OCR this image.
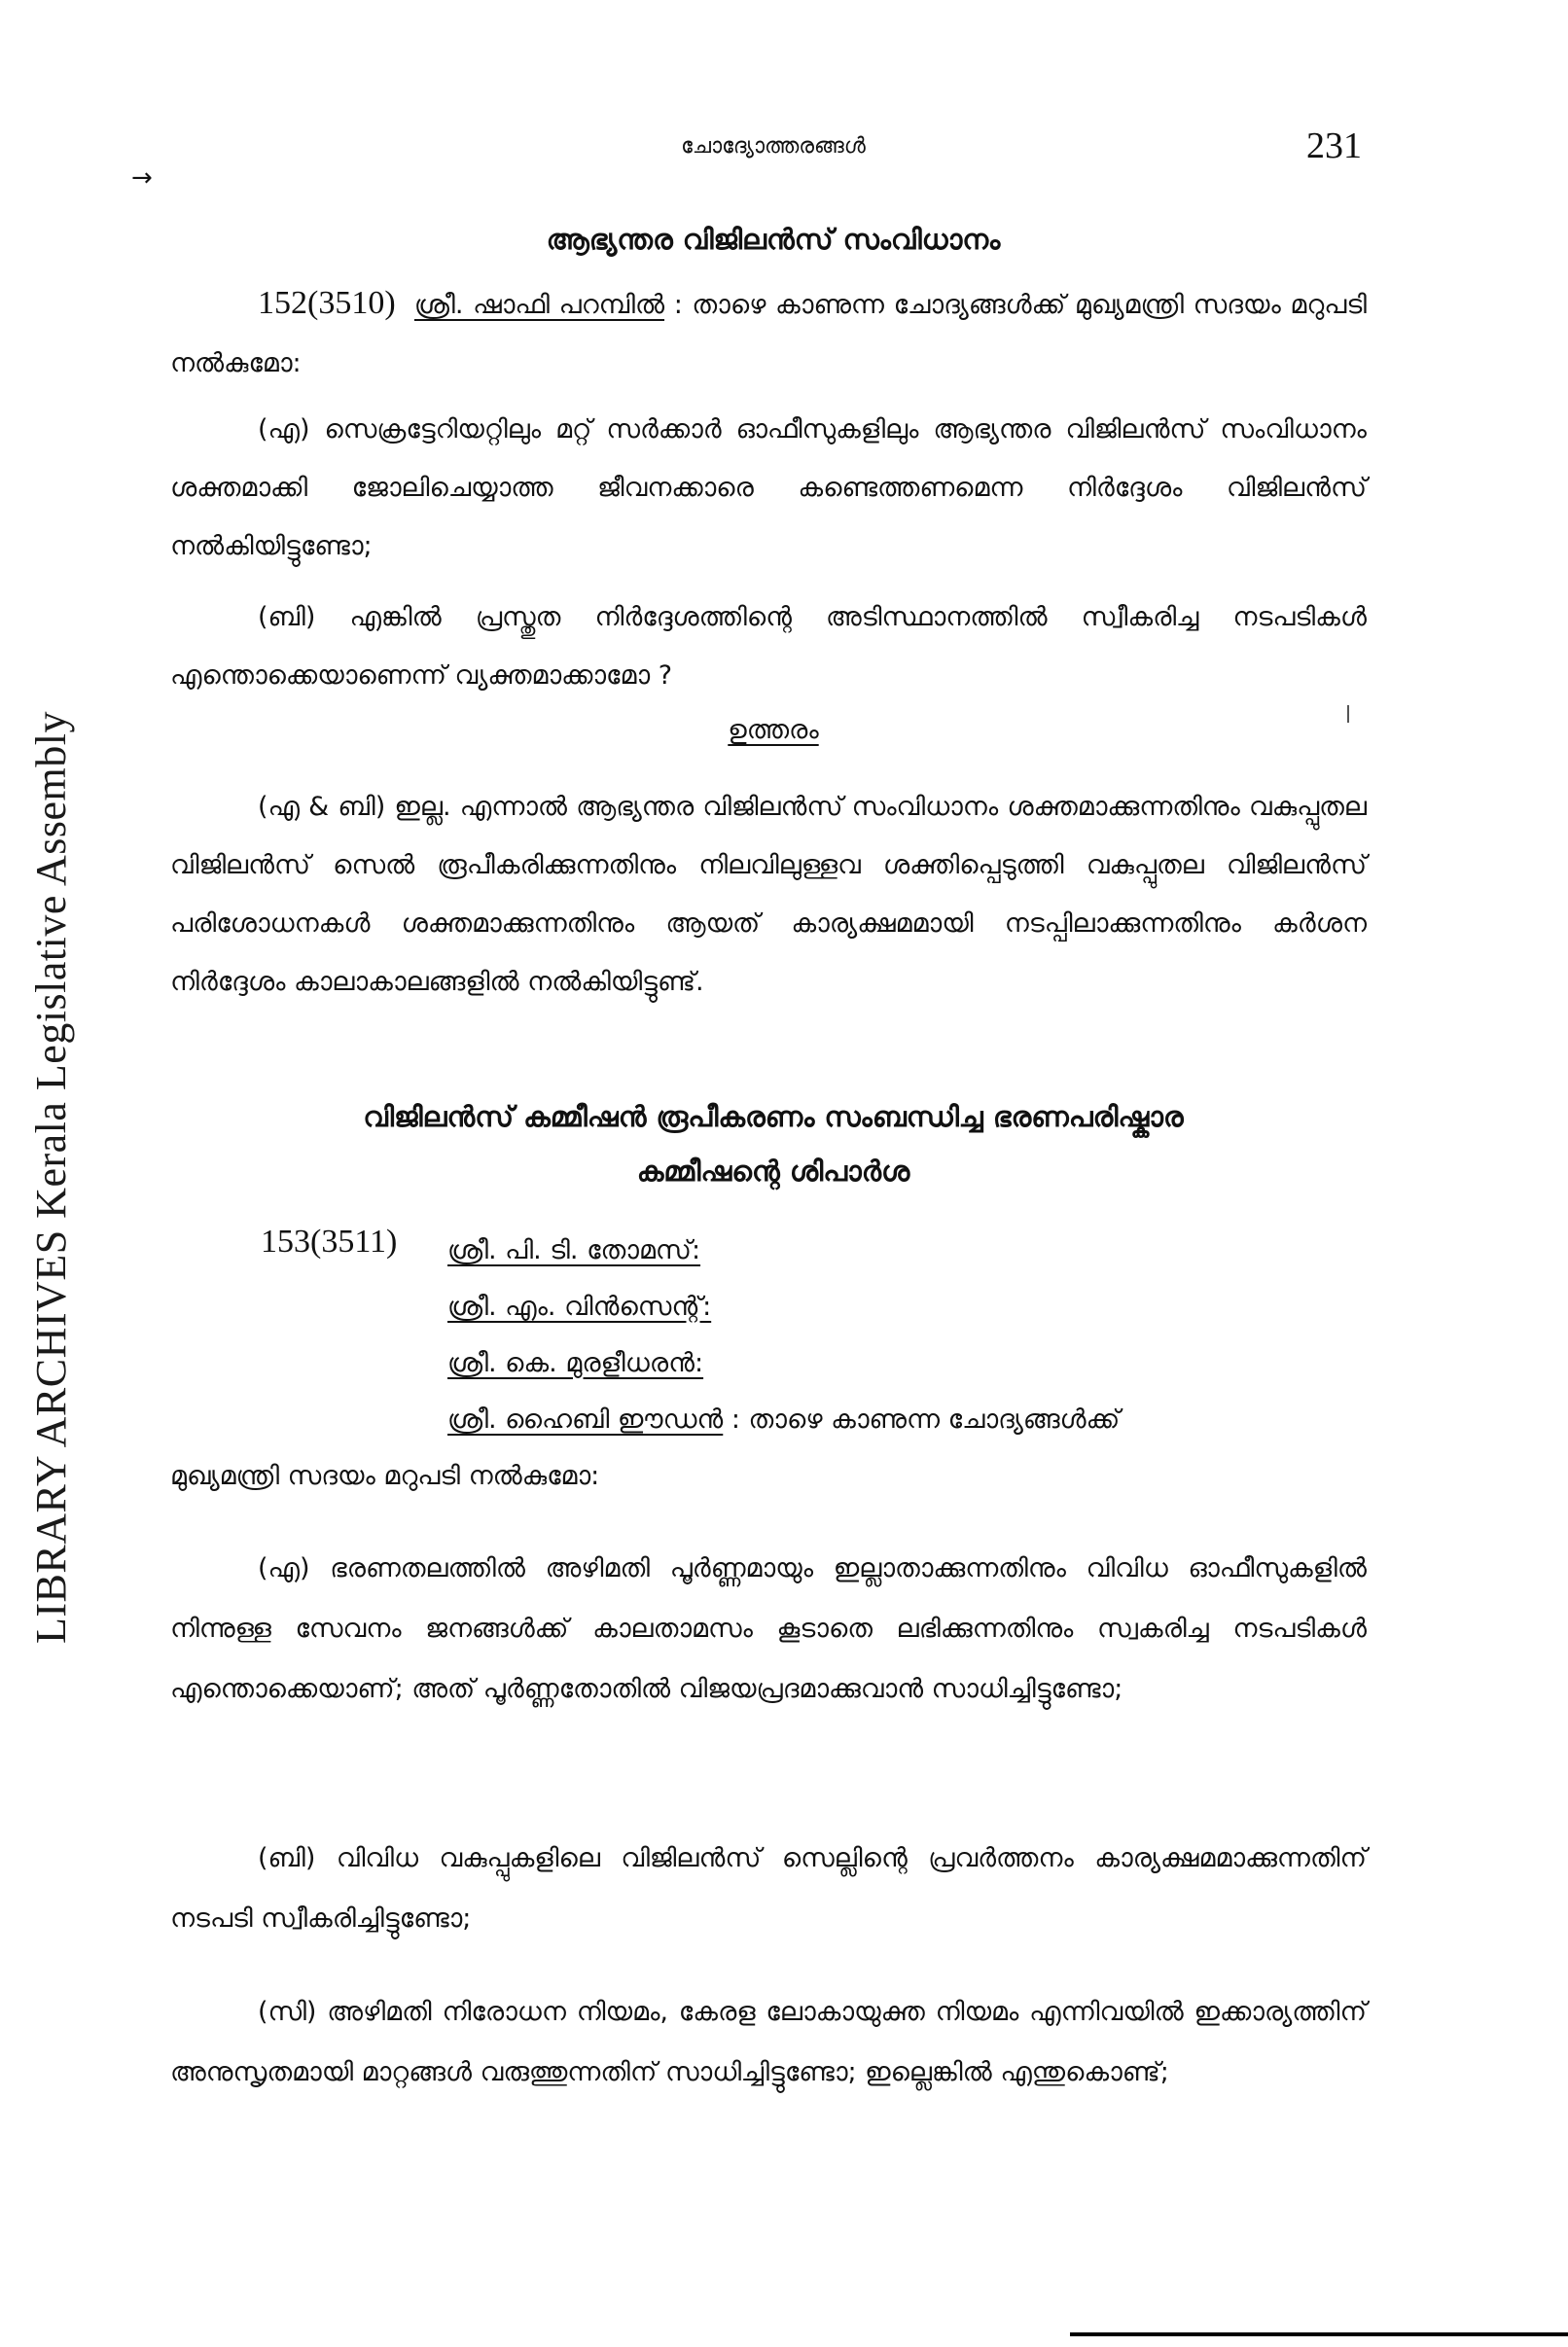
LIBRARY ARCHIVES Kerala Legislative Assembly
ചോദ്യോത്തരങ്ങൾ	231
→
ആഭ്യന്തര വിജിലൻസ് സംവിധാനം
152(3510) ശ്രീ. ഷാഫി പറമ്പിൽ : താഴെ കാണുന്ന ചോദ്യങ്ങൾക്ക് മുഖ്യമന്ത്രി സദയം മറുപടി നൽകുമോ:
(എ) സെക്രട്ടേറിയറ്റിലും മറ്റ് സർക്കാർ ഓഫീസുകളിലും ആഭ്യന്തര വിജിലൻസ് സംവിധാനം ശക്തമാക്കി ജോലിചെയ്യാത്ത ജീവനക്കാരെ കണ്ടെത്തണമെന്ന നിർദ്ദേശം വിജിലൻസ് നൽകിയിട്ടുണ്ടോ;
(ബി) എങ്കിൽ പ്രസ്തുത നിർദ്ദേശത്തിന്റെ അടിസ്ഥാനത്തിൽ സ്വീകരിച്ച നടപടികൾ എന്തൊക്കെയാണെന്ന് വ്യക്തമാക്കാമോ ?
ഉത്തരം
(എ & ബി) ഇല്ല. എന്നാൽ ആഭ്യന്തര വിജിലൻസ് സംവിധാനം ശക്തമാക്കുന്നതിനും വകുപ്പുതല വിജിലൻസ് സെൽ രൂപീകരിക്കുന്നതിനും നിലവിലുള്ളവ ശക്തിപ്പെടുത്തി വകുപ്പുതല വിജിലൻസ് പരിശോധനകൾ ശക്തമാക്കുന്നതിനും ആയത് കാര്യക്ഷമമായി നടപ്പിലാക്കുന്നതിനും കർശന നിർദ്ദേശം കാലാകാലങ്ങളിൽ നൽകിയിട്ടുണ്ട്.
വിജിലൻസ് കമ്മീഷൻ രൂപീകരണം സംബന്ധിച്ച ഭരണപരിഷ്കാര
കമ്മീഷന്റെ ശിപാർശ
153(3511) ശ്രീ. പി. ടി. തോമസ്:
ശ്രീ. എം. വിൻസെന്റ്:
ശ്രീ. കെ. മുരളീധരൻ:
ശ്രീ. ഹൈബി ഈഡൻ : താഴെ കാണുന്ന ചോദ്യങ്ങൾക്ക്
മുഖ്യമന്ത്രി സദയം മറുപടി നൽകുമോ:
(എ) ഭരണതലത്തിൽ അഴിമതി പൂർണ്ണമായും ഇല്ലാതാക്കുന്നതിനും വിവിധ ഓഫീസുകളിൽ നിന്നുള്ള സേവനം ജനങ്ങൾക്ക് കാലതാമസം കൂടാതെ ലഭിക്കുന്നതിനും സ്വകരിച്ച നടപടികൾ എന്തൊക്കെയാണ്; അത് പൂർണ്ണതോതിൽ വിജയപ്രദമാക്കുവാൻ സാധിച്ചിട്ടുണ്ടോ;
(ബി) വിവിധ വകുപ്പുകളിലെ വിജിലൻസ് സെല്ലിന്റെ പ്രവർത്തനം കാര്യക്ഷമമാക്കുന്നതിന് നടപടി സ്വീകരിച്ചിട്ടുണ്ടോ;
(സി) അഴിമതി നിരോധന നിയമം, കേരള ലോകായുക്ത നിയമം എന്നിവയിൽ ഇക്കാര്യത്തിന് അനുസൃതമായി മാറ്റങ്ങൾ വരുത്തുന്നതിന് സാധിച്ചിട്ടുണ്ടോ; ഇല്ലെങ്കിൽ എന്തുകൊണ്ട്;
